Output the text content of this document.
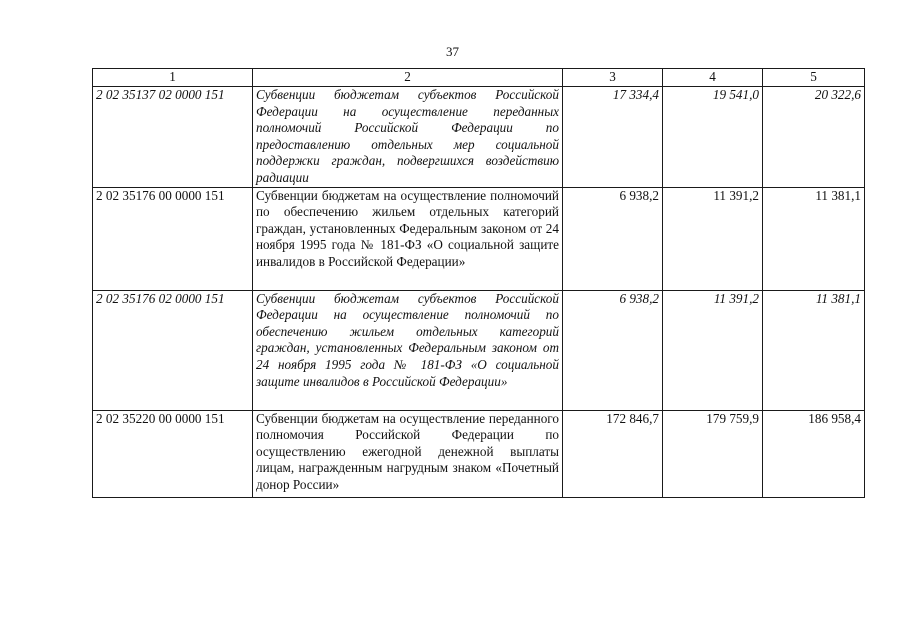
37
1	2	3	4	5
2 02 35137 02 0000 151	Субвенции бюджетам субъектов Российской Федерации на осуществление переданных полномочий Российской Федерации по предоставлению отдельных мер социальной поддержки граждан, подвергшихся воздействию радиации	17 334,4	19 541,0	20 322,6
2 02 35176 00 0000 151	Субвенции бюджетам на осуществление полномочий по обеспечению жильем отдельных категорий граждан, установленных Федеральным законом от 24 ноября 1995 года № 181-ФЗ «О социальной защите инвалидов в Российской Федерации»	6 938,2	11 391,2	11 381,1
2 02 35176 02 0000 151	Субвенции бюджетам субъектов Российской Федерации на осуществление полномочий по обеспечению жильем отдельных категорий граждан, установленных Федеральным законом от 24 ноября 1995 года № 181-ФЗ «О социальной защите инвалидов в Российской Федерации»	6 938,2	11 391,2	11 381,1
2 02 35220 00 0000 151	Субвенции бюджетам на осуществление переданного полномочия Российской Федерации по осуществлению ежегодной денежной выплаты лицам, награжденным нагрудным знаком «Почетный донор России»	172 846,7	179 759,9	186 958,4
